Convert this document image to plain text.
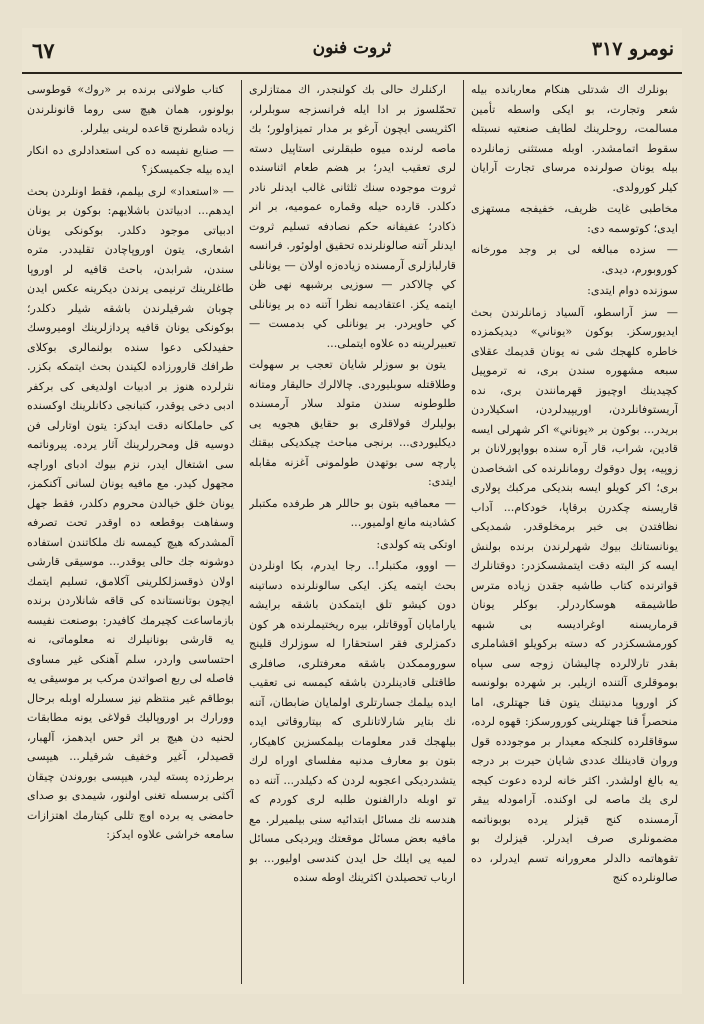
نومرو ۳۱۷
ثروت فنون
٦٧

بونلرك اك شدتلى هنكام معاربانده بيله شعر وتجارت، بو ايكى واسطه تأمين مسالمت، روحلرينك لطايف صنعتيه نسبتله سقوط اتمامشدر. اوبله مستثنى زمانلرده بيله يونان صولرنده مرساى تجارت آرايان كيلر كورولدى.

مخاطبى غايت ظريف، خفيفجه مستهزى ايدى؛ كوتوسمه دى:

— سزده مبالغه لى بر وجد مورخانه كوروبورم، ديدى.

سوزنده دوام ايتدى:

— سز آراسطو، آلسياد زمانلرندن بحث ايديورسكز. بوكون «يوناني» ديديكمزده خاطره كلهجك شى نه يونان قديمك عقلاى سبعه مشهوره سندن برى، نه ترموپيل كچيدينك اوچيوز قهرمانندن برى، نده آريستوفانلردن، اوريپيدلردن، اسكيلاردن بريدر... بوكون بر «يوناني» اكر شهرلى ايسه قادين، شراب، قار آره سنده بوواپورلانان بر زوپيه، پول دوقوك رومانلرنده كى اشخاصدن برى؛ اكر كويلو ايسه بنديكى مركبك پولارى قاريسنه چكدرن برقاپا، خودكام... آداب نظافتدن بى خبر برمخلوقدر. شمديكى يونانستانك بيوك شهرلرندن برنده بولنش ايسه كز البته دقت ايتمشسكزدر: دوقتانلرك قواترنده كتاب طاشيه جقدن زياده مترس طاشيمقه هوسكاردرلر. بوكلر يونان قرماريسنه اوغراديسه بى شبهه كورمشسكزدر كه دسته بركويلو اقشاملرى بقدر تارلالرده چاليشان زوجه سى سپاه بوموقلرى آلتنده ازيلير. بر شهرده بولونسه كز اوروپا مدنيتنك يتون قنا جهتلرى، اما منحصراً قنا جهتلرينى كورورسكز: قهوه لرده، سوقاقلرده كلنجكه معيدار بر موجودده قول وروان قادينلك عددى شايان حيرت بر درجه يه بالغ اولشدر. اكثر خانه لرده دعوت كيجه لرى يك ماصه لى اوكنده. آرامودله ييقر آرمسنده كنج قيزلر يرده بوبوناتمه مضمونلرى صرف ايدرلر. قيزلرك بو تقوهاتمه دالدلر معرورانه تسم ايدرلر، ده صالونلرده كنج

اركنلرك حالى بك كولنجدر، اك ممتازلرى تحمّلسوز بر ادا ايله فرانسزجه سوبلرلر، اكثريسى ايچون آرغو بر مدار تميزاولور؛ بك ماصه لرنده ميوه طبقلرنى استاپيل دسته لرى تعقيب ايدر؛ بر هضم طعام اثناسنده ثروت موجوده سنك ثلثانى غالب ايدنلر نادر دكلدر. قاردە حيله وقماره عموميه، بر انر ذكادر؛ عفيفانه حكم نصادفه تسليم ثروت ايدنلر آتنه صالونلرنده تحقيق اولوئور. فرانسه قارلبازلرى آرمسنده زيادەزه اولان — يونانلى كي چالاكدر — سوزيى برشبهه نهى ظن ايتمه يكز. اعتقاديمه نظرا آتنه ده بر يونانلى كي حاويردر. بر يونانلى كي بدمست — تعبيرلرينه ده علاوه ايتملى...

يتون بو سوزلر شايان تعجب بر سهولت وطلاقتله سوبليوردى. چالالرك حاليقار ومتانه طلوطونه سندن متولد سلار آرمسنده بوليلرك قولاقلرى بو حقايق هجويه يى ديكليوردى... برنجى مباحث چيكديكى بيقتك پارچه سى بوتهدن طولمونى آغزنه مقابله ايتدى:

— معمافيه بتون بو حاللر هر طرفده مكتبلر كشادينه مانع اولميور...

اوتكى يته كولدى:

— اووو، مكتبلر!.. رجا ايدرم، بكا اونلردن بحث ايتمه يكز. ايكى سالونلرنده دساتينه دون كيشو تلق ايتمكدن باشقه برايشه يارامايان آووقاتلر، بيره ريختيملرنده هر كون دكمزلرى فقر استحقارا له سوزلرك قلينج سوروممكدن باشقه معرفتلرى، صافلرى طاقتلى قادينلردن باشقه كيمسه نى تعقيب ايده بيلمك جسارتلرى اولمايان ضابطان، آتنه نك بتاير شارلاتانلرى كه بيتاروقاتى ايده بيلهجك قدر معلومات بيلمكسزين كاهيكار، بتون بو معارف مدنيه مفلساى اوراه لرك يتشدرديكى اعجوبه لردن كه دكيلدر... آتنه ده تو اوبله دارالفنون طلبه لرى كوردم كه هندسه نك مسائل ابتدائيه سنى بيلميرلر. مع مافيه بعض مسائل موقعتك ويرديكى مسائل لميه يى ايلك حل ايدن كندسى اوليور... بو ارباب تحصيلدن اكثرينك اوطه سنده

كتاب طولانى برنده بر «روك» قوطوسى بولونور، همان هيچ سى روما قانونلرندن زياده شطرنج قاعده لرينى بيلرلر.

— صنايع نفيسه ده كى استعدادلرى ده انكار ايده بيله جكميسكز؟

— «استعداد» لرى بيلمم، فقط اونلردن بحث ايدهم... ادبياتدن باشلايهم: بوكون بر يونان ادبياتى موجود دكلدر. بوكونكى يونان اشعارى، يتون اوروپاچادن تقليددر. متره سندن، شرابدن، باحث قافيه لر اوروپا طاغلرينك ترنيمى يرندن ديكرينه عكس ايدن چوبان شرقيلرندن باشقه شيلر دكلدر؛ بوكونكى يونان قافيه پردازلرينك اوميروسك حفيدلكى دعوا سنده بولنمالرى بوكلاى طرافك قارورزاده لكيندن بحث ايتمكه بكزر. نثرلرده هنوز بر ادبيات اولديغى كى بركفر ادبى دخى يوقدر، كتبانجى دكانلرينك اوكسنده كى حاملكانه دقت ايدكز: يتون اوتارلى فن دوسيه قل ومحررلرينك آثار يرده. پيروناتمه سى اشتغال ايدر، نزم بيوك ادباى اوراچه مجهول كيدر. مع مافيه يونان لسانى آكنكمز، يونان خلق خيالدن محروم دكلدر، فقط جهل وسفاهت بوقطعه ده اوقدر تحت تصرفه آلمشدركه هيچ كيمسه نك ملكاتندن استفاده دوشونه جك حالى يوقدر... موسيقى قارشى اولان ذوقسزلكلرينى آكلامق، تسليم ايتمك ايچون بوتانستانده كى قاقه شانلاردن برنده بازماساعت كچيرمك كافيدر: بوصنعت نفيسه يه قارشى بونانيلرك نه معلوماتى، نه احتساسى واردر، سلم آهنكى غير مساوى فاصله لى ربع اصواتدن مركب بر موسيقى يه بوطاقم غير منتظم نيز سسلرله اوبله برحال وورارك بر اوروپاليك قولاغى يونه مطابقات لحنيه دن هيچ بر اثر حس ايدهمز، آلهبار، قصيدلر، آغير وخفيف شرقيلر... هيپسى برطرزده پسته ليدر، هيپسى بوروندن چيقان آكثى برسسله تغنى اولنور، شيمدى بو صداى حامضى يه برده اوچ تللى كيتارمك اهتزازات سامعه خراشى علاوه ايدكز:
